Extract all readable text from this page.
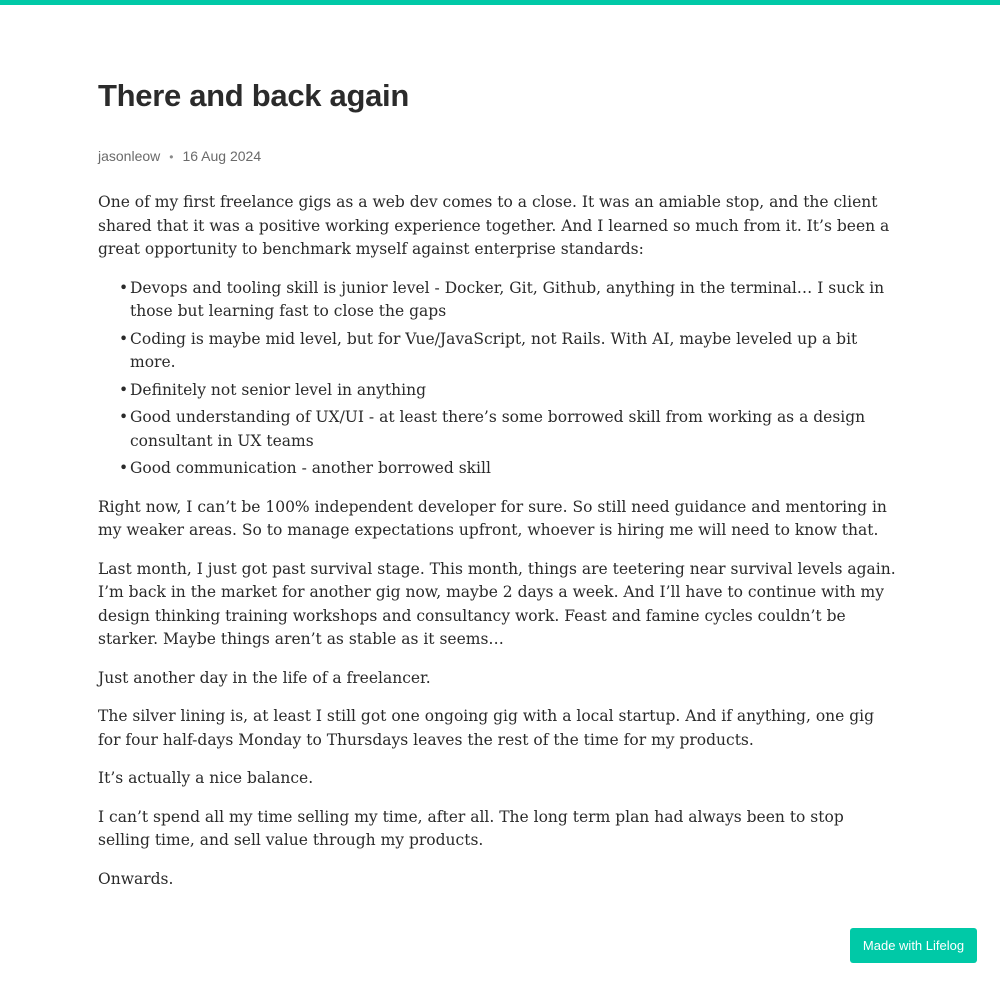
There and back again
jasonleow • 16 Aug 2024

One of my first freelance gigs as a web dev comes to a close. It was an amiable stop, and the client shared that it was a positive working experience together. And I learned so much from it. It’s been a great opportunity to benchmark myself against enterprise standards:

• Devops and tooling skill is junior level - Docker, Git, Github, anything in the terminal… I suck in those but learning fast to close the gaps
• Coding is maybe mid level, but for Vue/JavaScript, not Rails. With AI, maybe leveled up a bit more.
• Definitely not senior level in anything
• Good understanding of UX/UI - at least there’s some borrowed skill from working as a design consultant in UX teams
• Good communication - another borrowed skill

Right now, I can’t be 100% independent developer for sure. So still need guidance and mentoring in my weaker areas. So to manage expectations upfront, whoever is hiring me will need to know that.

Last month, I just got past survival stage. This month, things are teetering near survival levels again. I’m back in the market for another gig now, maybe 2 days a week. And I’ll have to continue with my design thinking training workshops and consultancy work. Feast and famine cycles couldn’t be starker. Maybe things aren’t as stable as it seems…

Just another day in the life of a freelancer.

The silver lining is, at least I still got one ongoing gig with a local startup. And if anything, one gig for four half-days Monday to Thursdays leaves the rest of the time for my products.

It’s actually a nice balance.

I can’t spend all my time selling my time, after all. The long term plan had always been to stop selling time, and sell value through my products.

Onwards.

Made with Lifelog
